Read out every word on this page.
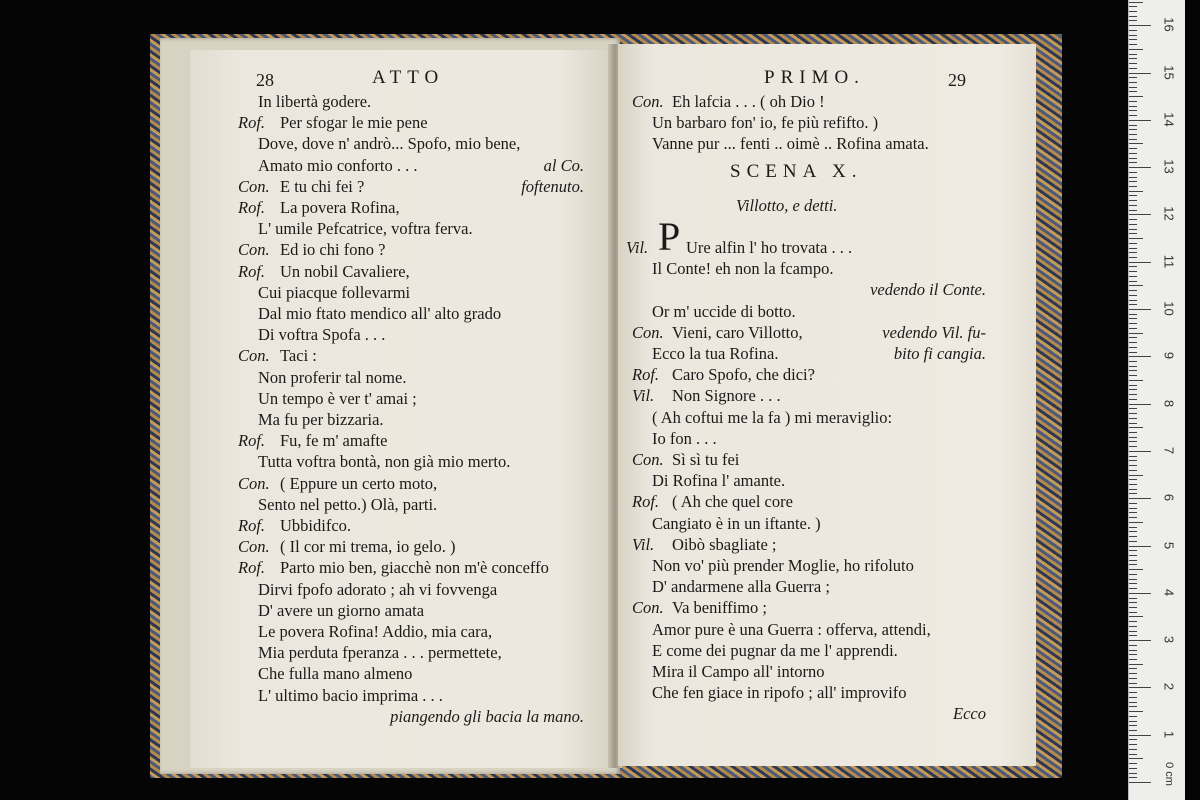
28	ATTO
In libertà godere.
Rof. Per sfogar le mie pene
Dove, dove n' andrò... Spofo, mio bene,
Amato mio conforto . . .	al Co.
Con. E tu chi fei ?	foftenuto.
Rof. La povera Rofina,
L' umile Pefcatrice, voftra ferva.
Con. Ed io chi fono ?
Rof. Un nobil Cavaliere,
Cui piacque follevarmi
Dal mio ftato mendico all' alto grado
Di voftra Spofa . . .
Con. Taci :
Non proferir tal nome.
Un tempo è ver t' amai ;
Ma fu per bizzaria.
Rof. Fu, fe m' amafte
Tutta voftra bontà, non già mio merto.
Con. ( Eppure un certo moto,
Sento nel petto.) Olà, parti.
Rof. Ubbidifco.
Con. ( Il cor mi trema, io gelo. )
Rof. Parto mio ben, giacchè non m'è conceffo
Dirvi fpofo adorato ; ah vi fovvenga
D' avere un giorno amata
Le povera Rofina! Addio, mia cara,
Mia perduta fperanza . . . permettete,
Che fulla mano almeno
L' ultimo bacio imprima . . .
piangendo gli bacia la mano.
PRIMO.	29
Con. Eh lafcia . . . ( oh Dio !
Un barbaro fon' io, fe più refifto. )
Vanne pur ... fenti .. oimè .. Rofina amata.
SCENA X.
Villotto, e detti.
P
Vil. Ure alfin l' ho trovata . . .
Il Conte! eh non la fcampo.
vedendo il Conte.
Or m' uccide di botto.
Con. Vieni, caro Villotto,	vedendo Vil. fu-
Ecco la tua Rofina.	bito fi cangia.
Rof. Caro Spofo, che dici?
Vil. Non Signore . . .
( Ah coftui me la fa ) mi meraviglio:
Io fon . . .
Con. Sì sì tu fei
Di Rofina l' amante.
Rof. ( Ah che quel core
Cangiato è in un iftante. )
Vil. Oibò sbagliate ;
Non vo' più prender Moglie, ho rifoluto
D' andarmene alla Guerra ;
Con. Va beniffimo ;
Amor pure è una Guerra : offerva, attendi,
E come dei pugnar da me l' apprendi.
Mira il Campo all' intorno
Che fen giace in ripofo ; all' improvifo
Ecco
1
2
3
4
5
6
7
8
9
10
11
12
13
14
15
16
0 cm
